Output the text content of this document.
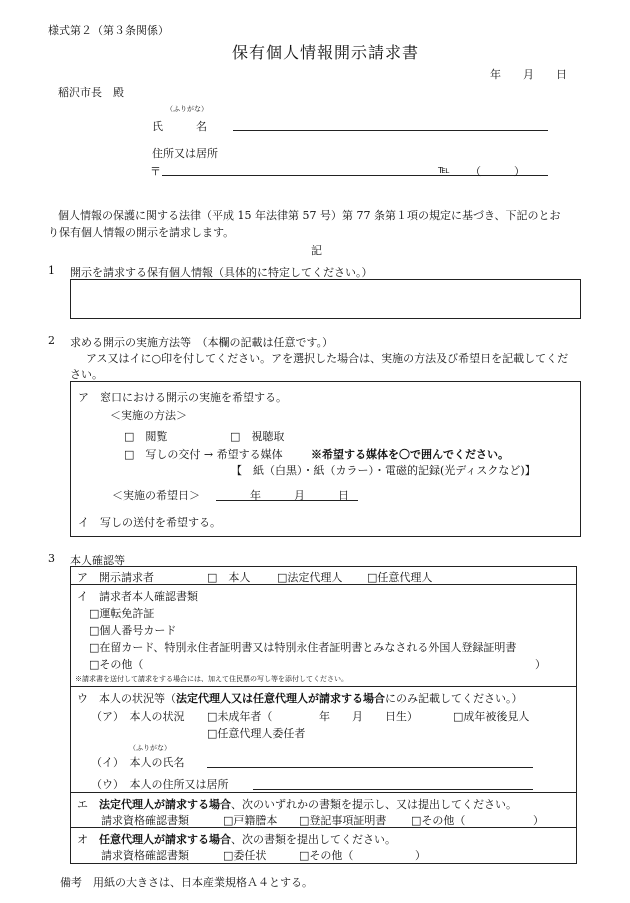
様式第２（第３条関係）
保有個人情報開示請求書
年　　月　　日
稲沢市長　殿
（ふりがな）
氏　　　名
住所又は居所
〒	℡ （　　　）
個人情報の保護に関する法律（平成 15 年法律第 57 号）第 77 条第１項の規定に基づき、下記のとお
り保有個人情報の開示を請求します。
記
1 開示を請求する保有個人情報（具体的に特定してください。）
2 求める開示の実施方法等　（本欄の記載は任意です。）
アス又はイに○印を付してください。アを選択した場合は、実施の方法及び希望日を記載してくだ
さい。
ア　窓口における開示の実施を希望する。
＜実施の方法＞
□　閲覧	□　視聴取
□　写しの交付 → 希望する媒体	※希望する媒体を〇で囲んでください。
【　紙（白黒）・紙（カラー）・電磁的記録(光ディスクなど)】
＜実施の希望日＞	年　　　月　　　日
イ　写しの送付を希望する。
3 本人確認等
ア　開示請求者	□　本人 □法定代理人 □任意代理人
イ　請求者本人確認書類
□運転免許証
□個人番号カード
□在留カード、特別永住者証明書又は特別永住者証明書とみなされる外国人登録証明書
□その他（	）
※請求書を送付して請求をする場合には、加えて住民票の写し等を添付してください。
ウ　本人の状況等（法定代理人又は任意代理人が請求する場合にのみ記載してください。）
（ア）　本人の状況 □未成年者（	年　　月　　日生）	□成年被後見人
□任意代理人委任者
（ふりがな）
（イ）　本人の氏名
（ウ）　本人の住所又は居所
エ　 法定代理人が請求する場合、次のいずれかの書類を提示し、又は提出してください。
請求資格確認書類	□戸籍謄本 □登記事項証明書 □その他（	）
オ　 任意代理人が請求する場合、次の書類を提出してください。
請求資格確認書類	□委任状	□その他（	）
備考　用紙の大きさは、日本産業規格Ａ４とする。
